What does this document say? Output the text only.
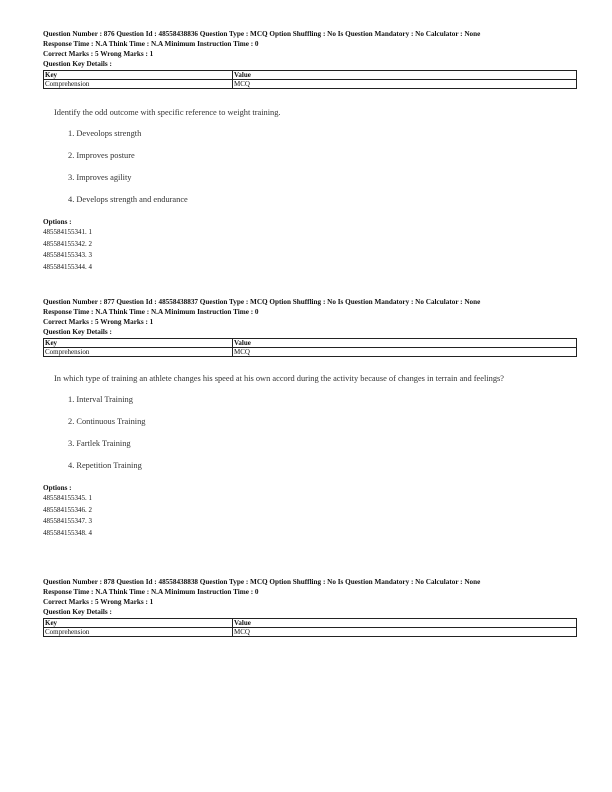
Question Number : 876 Question Id : 48558438836 Question Type : MCQ Option Shuffling : No Is Question Mandatory : No Calculator : None
Response Time : N.A Think Time : N.A Minimum Instruction Time : 0
Correct Marks : 5 Wrong Marks : 1
Question Key Details :
Key	Value
Comprehension	MCQ
Identify the odd outcome with specific reference to weight training.
1. Deveolops strength
2. Improves posture
3. Improves agility
4. Develops strength and endurance
Options :
485584155341. 1
485584155342. 2
485584155343. 3
485584155344. 4
Question Number : 877 Question Id : 48558438837 Question Type : MCQ Option Shuffling : No Is Question Mandatory : No Calculator : None
Response Time : N.A Think Time : N.A Minimum Instruction Time : 0
Correct Marks : 5 Wrong Marks : 1
Question Key Details :
Key	Value
Comprehension	MCQ
In which type of training an athlete changes his speed at his own accord during the activity because of changes in terrain and feelings?
1. Interval Training
2. Continuous Training
3. Fartlek Training
4. Repetition Training
Options :
485584155345. 1
485584155346. 2
485584155347. 3
485584155348. 4
Question Number : 878 Question Id : 48558438838 Question Type : MCQ Option Shuffling : No Is Question Mandatory : No Calculator : None
Response Time : N.A Think Time : N.A Minimum Instruction Time : 0
Correct Marks : 5 Wrong Marks : 1
Question Key Details :
Key	Value
Comprehension	MCQ
